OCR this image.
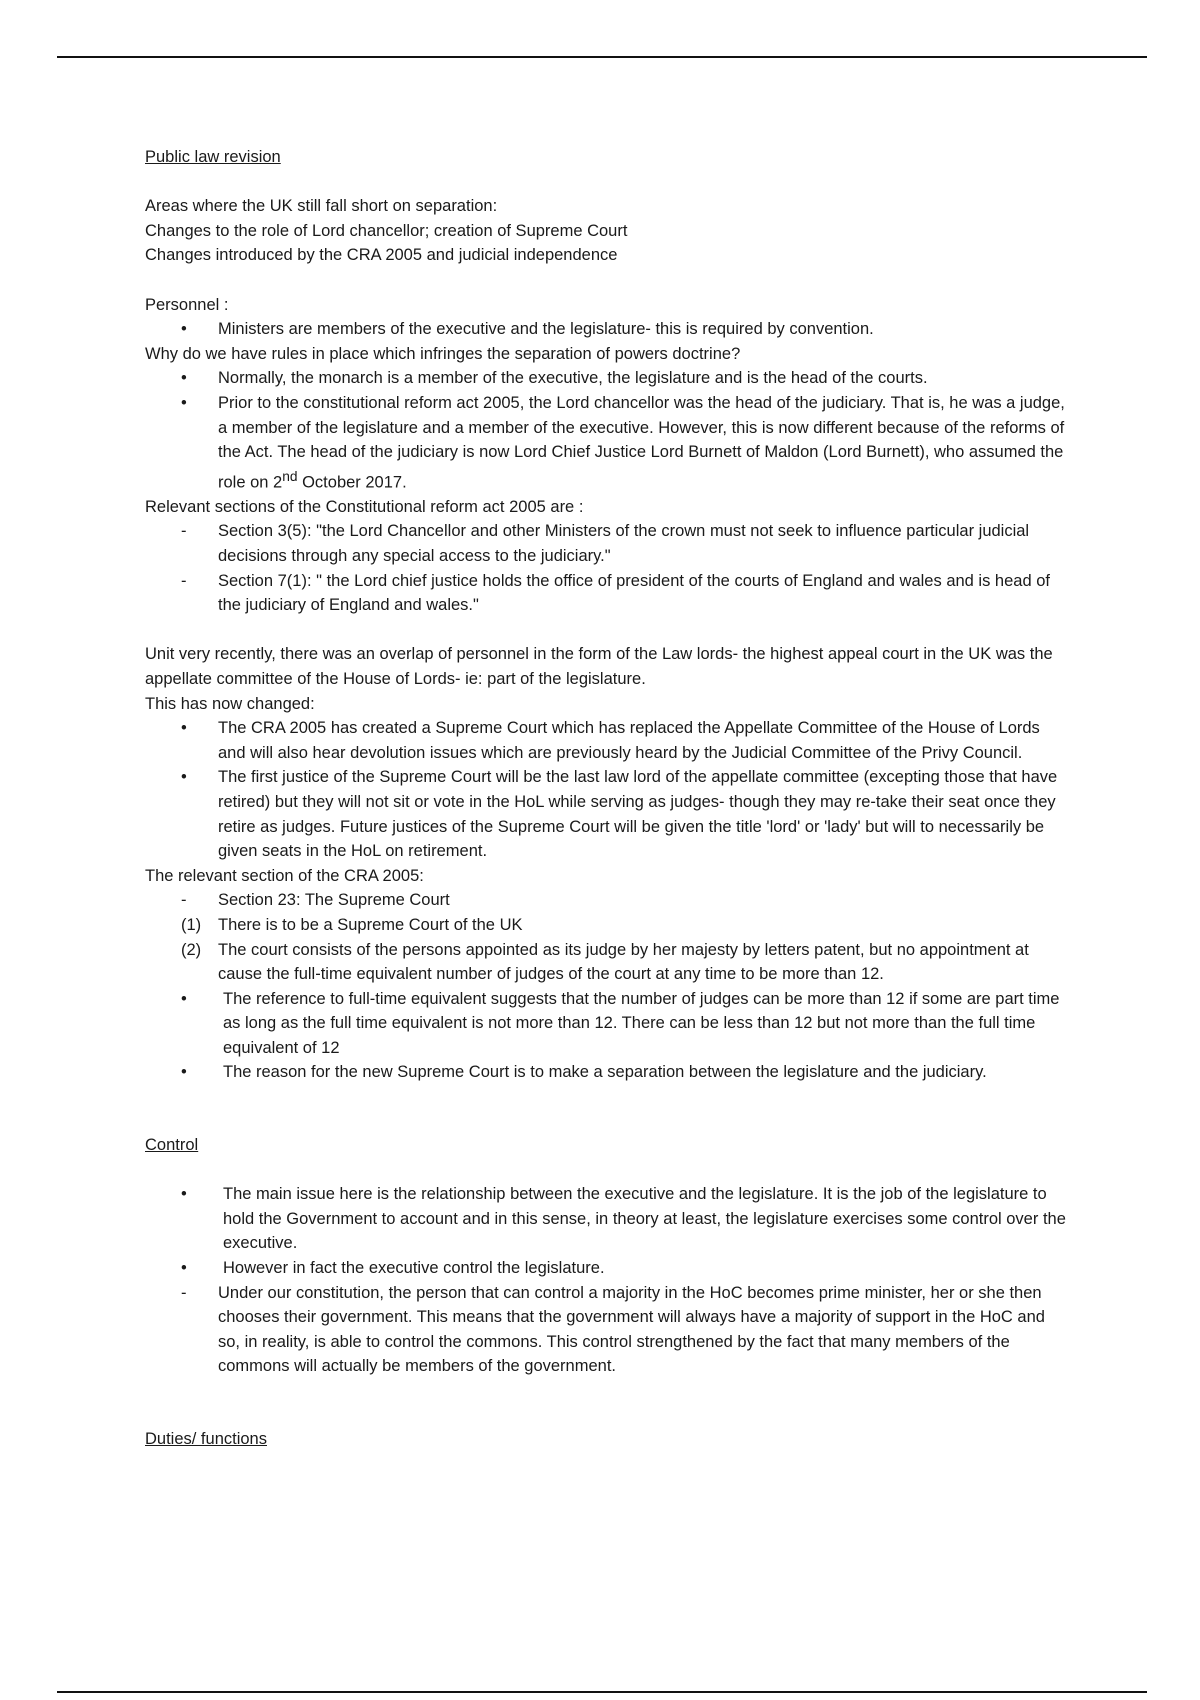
Public law revision

Areas where the UK still fall short on separation:

Changes to the role of Lord chancellor; creation of Supreme Court

Changes introduced by the CRA 2005 and judicial independence

Personnel :

•	Ministers are members of the executive and the legislature- this is required by convention.

Why do we have rules in place which infringes the separation of powers doctrine?

•	Normally, the monarch is a member of the executive, the legislature and is the head of the courts.
•	Prior to the constitutional reform act 2005, the Lord chancellor was the head of the judiciary. That is, he was a judge, a member of the legislature and a member of the executive. However, this is now different because of the reforms of the Act. The head of the judiciary is now Lord Chief Justice Lord Burnett of Maldon (Lord Burnett), who assumed the role on 2nd October 2017.

Relevant sections of the Constitutional reform act 2005 are :

-	Section 3(5): "the Lord Chancellor and other Ministers of the crown must not seek to influence particular judicial decisions through any special access to the judiciary."
-	Section 7(1): " the Lord chief justice holds the office of president of the courts of England and wales and is head of the judiciary of England and wales."

Unit very recently, there was an overlap of personnel in the form of the Law lords- the highest appeal court in the UK was the appellate committee of the House of Lords- ie: part of the legislature.

This has now changed:

•	The CRA 2005 has created a Supreme Court which has replaced the Appellate Committee of the House of Lords and will also hear devolution issues which are previously heard by the Judicial Committee of the Privy Council.
•	The first justice of the Supreme Court will be the last law lord of the appellate committee (excepting those that have retired) but they will not sit or vote in the HoL while serving as judges- though they may re-take their seat once they retire as judges. Future justices of the Supreme Court will be given the title 'lord' or 'lady' but will to necessarily be given seats in the HoL on retirement.

The relevant section of the CRA 2005:

-	Section 23: The Supreme Court
(1)	There is to be a Supreme Court of the UK
(2)	The court consists of the persons appointed as its judge by her majesty by letters patent, but no appointment at cause the full-time equivalent number of judges of the court at any time to be more than 12.
•	The reference to full-time equivalent suggests that the number of judges can be more than 12 if some are part time as long as the full time equivalent is not more than 12. There can be less than 12 but not more than the full time equivalent of 12
•	The reason for the new Supreme Court is to make a separation between the legislature and the judiciary.

Control

•	The main issue here is the relationship between the executive and the legislature. It is the job of the legislature to hold the Government to account and in this sense, in theory at least, the legislature exercises some control over the executive.
•	However in fact the executive control the legislature.
-	Under our constitution, the person that can control a majority in the HoC becomes prime minister, her or she then chooses their government. This means that the government will always have a majority of support in the HoC and so, in reality, is able to control the commons. This control strengthened by the fact that many members of the commons will actually be members of the government.

Duties/ functions
